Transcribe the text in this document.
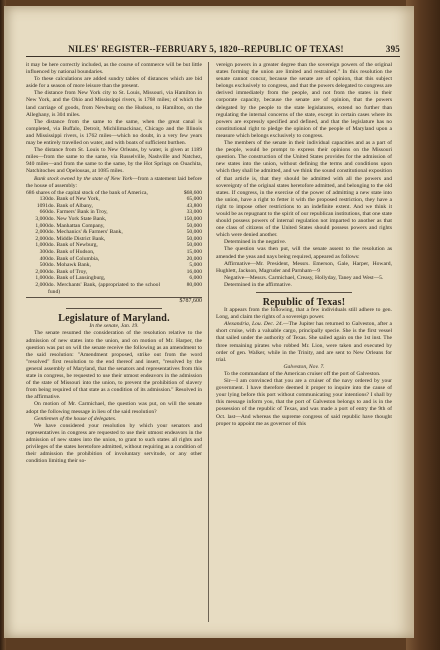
NILES' REGISTER--FEBRUARY 5, 1820--REPUBLIC OF TEXAS!	395

it may be here correctly included, as the course of commerce will be but little influenced by national boundaries.

To these calculations are added sundry tables of distances which are bid aside for a season of more leisure than the present.

The distance from New York city to St. Louis, Missouri, via Hamilton in New York, and the Ohio and Mississippi rivers, is 1768 miles; of which the land carriage of goods, from Newburg on the Hudson, to Hamilton, on the Alleghany, is 304 miles.

The distance from the same to the same, when the great canal is completed, via Buffalo, Detroit, Michilimackinac, Chicago and the Illinois and Mississippi rivers, is 1762 miles—which no doubt, in a very few years may be entirely travelled on water, and with boats of sufficient burthen.

The distance from St. Louis to New Orleans, by water, is given at 1189 miles—from the same to the same, via Russelville, Nashville and Natchez, 940 miles—and from the same to the same, by the Hot Springs on Ouachita, Natchitoches and Opelousas, at 1085 miles.

Bank stock owned by the state of New York—from a statement laid before the house of assembly:

686 shares of the capital stock of the bank of America,		$68,600
130	do. Bank of New York,	65,000
1091	do. Bank of Albany,	43,800
660	do. Farmers' Bank in Troy,	33,000
3,000	do. New York State Bank,	150,000
1,000	do. Manhattan Company,	50,000
2,000	do. Mechanics' & Farmers' Bank,	50,000
2,000	do. Middle District Bank,	50,000
1,000	do. Bank of Newburg,	50,000
300	do. Bank of Hudson,	15,000
400	do. Bank of Columbia,	20,000
500	do. Mohawk Bank,	5,000
2,000	do. Bank of Troy,	16,000
1,000	do. Bank of Lansingburg,	6,000
2,000	do. Merchants' Bank, (appropriated to the school fund)	80,000
$787,600
Legislature of Maryland.

In the senate, Jan. 19.

The senate resumed the consideration of the resolution relative to the admission of new states into the union, and on motion of Mr. Harper, the question was put on will the senate receive the following as an amendment to the said resolution: "Amendment proposed, strike out from the word "resolved" first resolution to the end thereof and insert, "resolved by the general assembly of Maryland, that the senators and representatives from this state in congress, be requested to use their utmost endeavors in the admission of the state of Missouri into the union, to prevent the prohibition of slavery from being required of that state as a condition of its admission." Resolved in the affirmative.

On motion of Mr. Carmichael, the question was put, on will the senate adopt the following message in lieu of the said resolution?

Gentlemen of the house of delegates.

We have considered your resolution by which your senators and representatives in congress are requested to use their utmost endeavors in the admission of new states into the union, to grant to such states all rights and privileges of the states heretofore admitted, without requiring as a condition of their admission the prohibition of involuntary servitude, or any other condition limiting their so-

vereign powers in a greater degree than the sovereign powers of the original states forming the union are limited and restrained." In this resolution the senate cannot concur, because the senate are of opinion, that this subject belongs exclusively to congress, and that the powers delegated to congress are derived immediately from the people, and not from the states in their corporate capacity, because the senate are of opinion, that the powers delegated by the people to the state legislatures, extend no further than regulating the internal concerns of the state, except in certain cases where its powers are expressly specified and defined, and that the legislature has no constitutional right to pledge the opinion of the people of Maryland upon a measure which belongs exclusively to congress.

The members of the senate in their individual capacities and as a part of the people, would be prompt to express their opinions on the Missouri question. The construction of the United States provides for the admission of new states into the union, without defining the terms and conditions upon which they shall be admitted, and we think the sound constitutional exposition of that article is, that they should be admitted with all the powers and sovereignty of the original states heretofore admitted, and belonging to the old states. If congress, in the exercise of the power of admitting a new state into the union, have a right to fetter it with the proposed restriction, they have a right to impose other restrictions to an indefinite extent. And we think it would be as repugnant to the spirit of our republican institutions, that one state should possess powers of internal regulation not imparted to another as that one class of citizens of the United States should possess powers and rights which were denied another.

Determined in the negative.

The question was then put, will the senate assent to the resolution as amended the yeas and nays being required, appeared as follows:

Affirmative—Mr. President, Messrs. Emerson, Gale, Harper, Howard, Hughlett, Jackson, Magruder and Parnham—9

Negative—Messrs. Carmichael, Creasy, Hollyday, Taney and West—5.

Determined in the affirmative.

Republic of Texas!

It appears from the following, that a few individuals still adhere to gen. Long, and claim the rights of a sovereign power.

Alexandria, Lou. Dec. 24.—The Jupiter has returned to Galveston, after a short cruise, with a valuable cargo, principally specie. She is the first vessel that sailed under the authority of Texas. She sailed again on the 1st inst. The three remaining pirates who robbed Mr. Lion, were taken and executed by order of gen. Walker, while in the Trinity, and are sent to New Orleans for trial.

Galveston, Nov. 7.

To the commandant of the American cruiser off the port of Galveston.

Sir—I am convinced that you are a cruiser of the navy ordered by your government. I have therefore deemed it proper to inquire into the cause of your lying before this port without communicating your intentions? I shall by this message inform you, that the port of Galveston belongs to and is in the possession of the republic of Texas, and was made a port of entry the 9th of Oct. last—And whereas the supreme congress of said republic have thought proper to appoint me as governor of this
